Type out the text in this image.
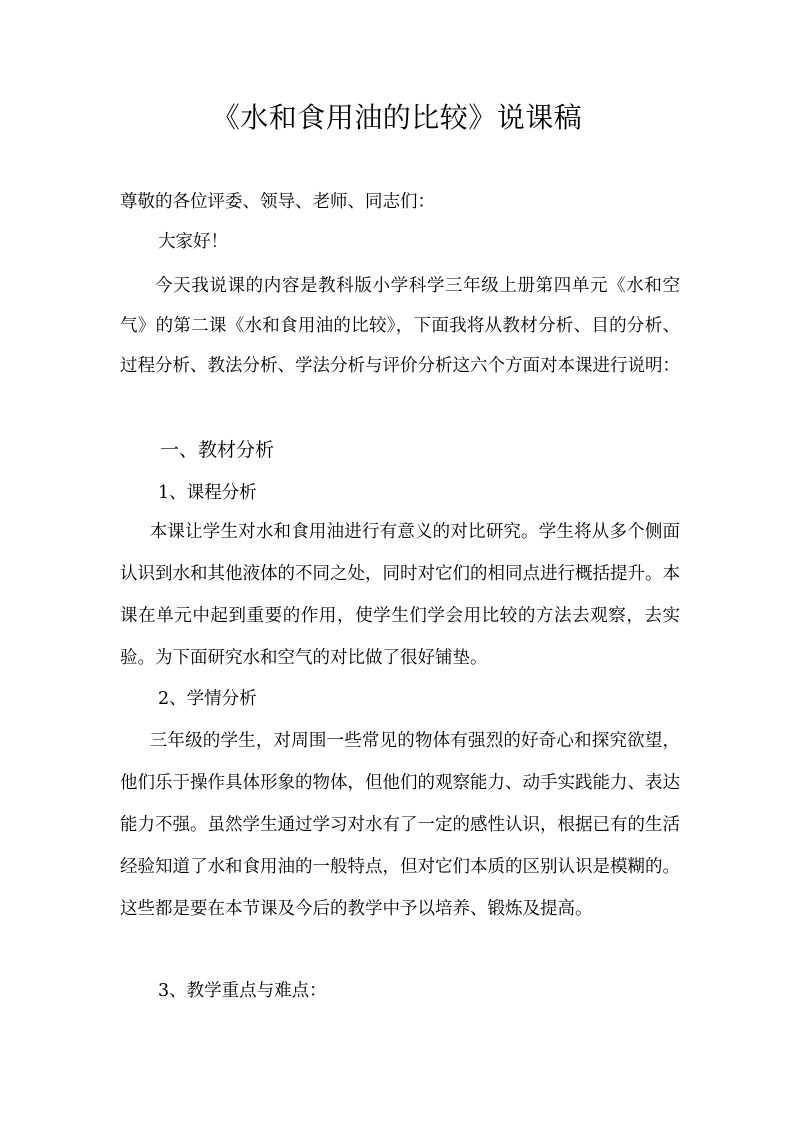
《水和食用油的比较》说课稿
尊敬的各位评委、领导、老师、同志们：
大家好！

今天我说课的内容是教科版小学科学三年级上册第四单元《水和空气》的第二课《水和食用油的比较》，下面我将从教材分析、目的分析、过程分析、教法分析、学法分析与评价分析这六个方面对本课进行说明：

一、教材分析
1、课程分析

本课让学生对水和食用油进行有意义的对比研究。学生将从多个侧面认识到水和其他液体的不同之处，同时对它们的相同点进行概括提升。本课在单元中起到重要的作用，使学生们学会用比较的方法去观察，去实验。为下面研究水和空气的对比做了很好铺垫。

2、学情分析

三年级的学生，对周围一些常见的物体有强烈的好奇心和探究欲望，他们乐于操作具体形象的物体，但他们的观察能力、动手实践能力、表达能力不强。虽然学生通过学习对水有了一定的感性认识，根据已有的生活经验知道了水和食用油的一般特点，但对它们本质的区别认识是模糊的。这些都是要在本节课及今后的教学中予以培养、锻炼及提高。

3、教学重点与难点：
